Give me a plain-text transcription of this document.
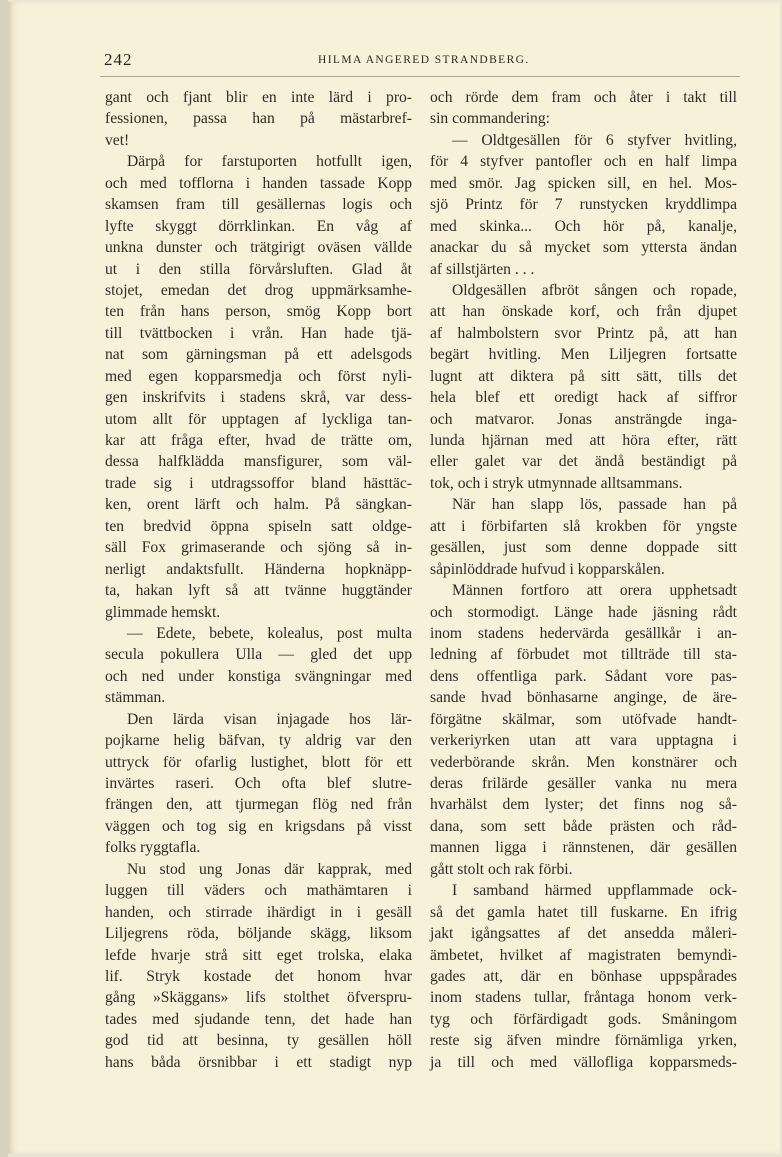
242	HILMA ANGERED STRANDBERG.
gant och fjant blir en inte lärd i pro-
fessionen, passa han på mästarbref-
vet!
Därpå for farstuporten hotfullt igen,
och med tofflorna i handen tassade Kopp
skamsen fram till gesällernas logis och
lyfte skyggt dörrklinkan. En våg af
unkna dunster och trätgirigt oväsen vällde
ut i den stilla förvårsluften. Glad åt
stojet, emedan det drog uppmärksamhe-
ten från hans person, smög Kopp bort
till tvättbocken i vrån. Han hade tjä-
nat som gärningsman på ett adelsgods
med egen kopparsmedja och först nyli-
gen inskrifvits i stadens skrå, var dess-
utom allt för upptagen af lyckliga tan-
kar att fråga efter, hvad de trätte om,
dessa halfklädda mansfigurer, som väl-
trade sig i utdragssoffor bland hästtäc-
ken, orent lärft och halm. På sängkan-
ten bredvid öppna spiseln satt oldge-
säll Fox grimaserande och sjöng så in-
nerligt andaktsfullt. Händerna hopknäpp-
ta, hakan lyft så att tvänne huggtänder
glimmade hemskt.
— Edete, bebete, kolealus, post multa
secula pokullera Ulla — gled det upp
och ned under konstiga svängningar med
stämman.
Den lärda visan injagade hos lär-
pojkarne helig bäfvan, ty aldrig var den
uttryck för ofarlig lustighet, blott för ett
invärtes raseri. Och ofta blef slutre-
frängen den, att tjurmegan flög ned från
väggen och tog sig en krigsdans på visst
folks ryggtafla.
Nu stod ung Jonas där kapprak, med
luggen till väders och mathämtaren i
handen, och stirrade ihärdigt in i gesäll
Liljegrens röda, böljande skägg, liksom
lefde hvarje strå sitt eget trolska, elaka
lif. Stryk kostade det honom hvar
gång »Skäggans» lifs stolthet öfverspru-
tades med sjudande tenn, det hade han
god tid att besinna, ty gesällen höll
hans båda örsnibbar i ett stadigt nyp
och rörde dem fram och åter i takt till
sin commandering:
— Oldtgesällen för 6 styfver hvitling,
för 4 styfver pantofler och en half limpa
med smör. Jag spicken sill, en hel. Mos-
sjö Printz för 7 runstycken kryddlimpa
med skinka... Och hör på, kanalje,
anackar du så mycket som yttersta ändan
af sillstjärten . . .
Oldgesällen afbröt sången och ropade,
att han önskade korf, och från djupet
af halmbolstern svor Printz på, att han
begärt hvitling. Men Liljegren fortsatte
lugnt att diktera på sitt sätt, tills det
hela blef ett oredigt hack af siffror
och matvaror. Jonas ansträngde inga-
lunda hjärnan med att höra efter, rätt
eller galet var det ändå beständigt på
tok, och i stryk utmynnade alltsammans.
När han slapp lös, passade han på
att i förbifarten slå krokben för yngste
gesällen, just som denne doppade sitt
såpinlöddrade hufvud i kopparskålen.
Männen fortforo att orera upphetsadt
och stormodigt. Länge hade jäsning rådt
inom stadens hedervärda gesällkår i an-
ledning af förbudet mot tillträde till sta-
dens offentliga park. Sådant vore pas-
sande hvad bönhasarne anginge, de äre-
förgätne skälmar, som utöfvade handt-
verkeriyrken utan att vara upptagna i
vederbörande skrån. Men konstnärer och
deras frilärde gesäller vanka nu mera
hvarhälst dem lyster; det finns nog så-
dana, som sett både prästen och råd-
mannen ligga i rännstenen, där gesällen
gått stolt och rak förbi.
I samband härmed uppflammade ock-
så det gamla hatet till fuskarne. En ifrig
jakt igångsattes af det ansedda måleri-
ämbetet, hvilket af magistraten bemyndi-
gades att, där en bönhase uppspårades
inom stadens tullar, fråntaga honom verk-
tyg och förfärdigadt gods. Småningom
reste sig äfven mindre förnämliga yrken,
ja till och med vällofliga kopparsmeds-
